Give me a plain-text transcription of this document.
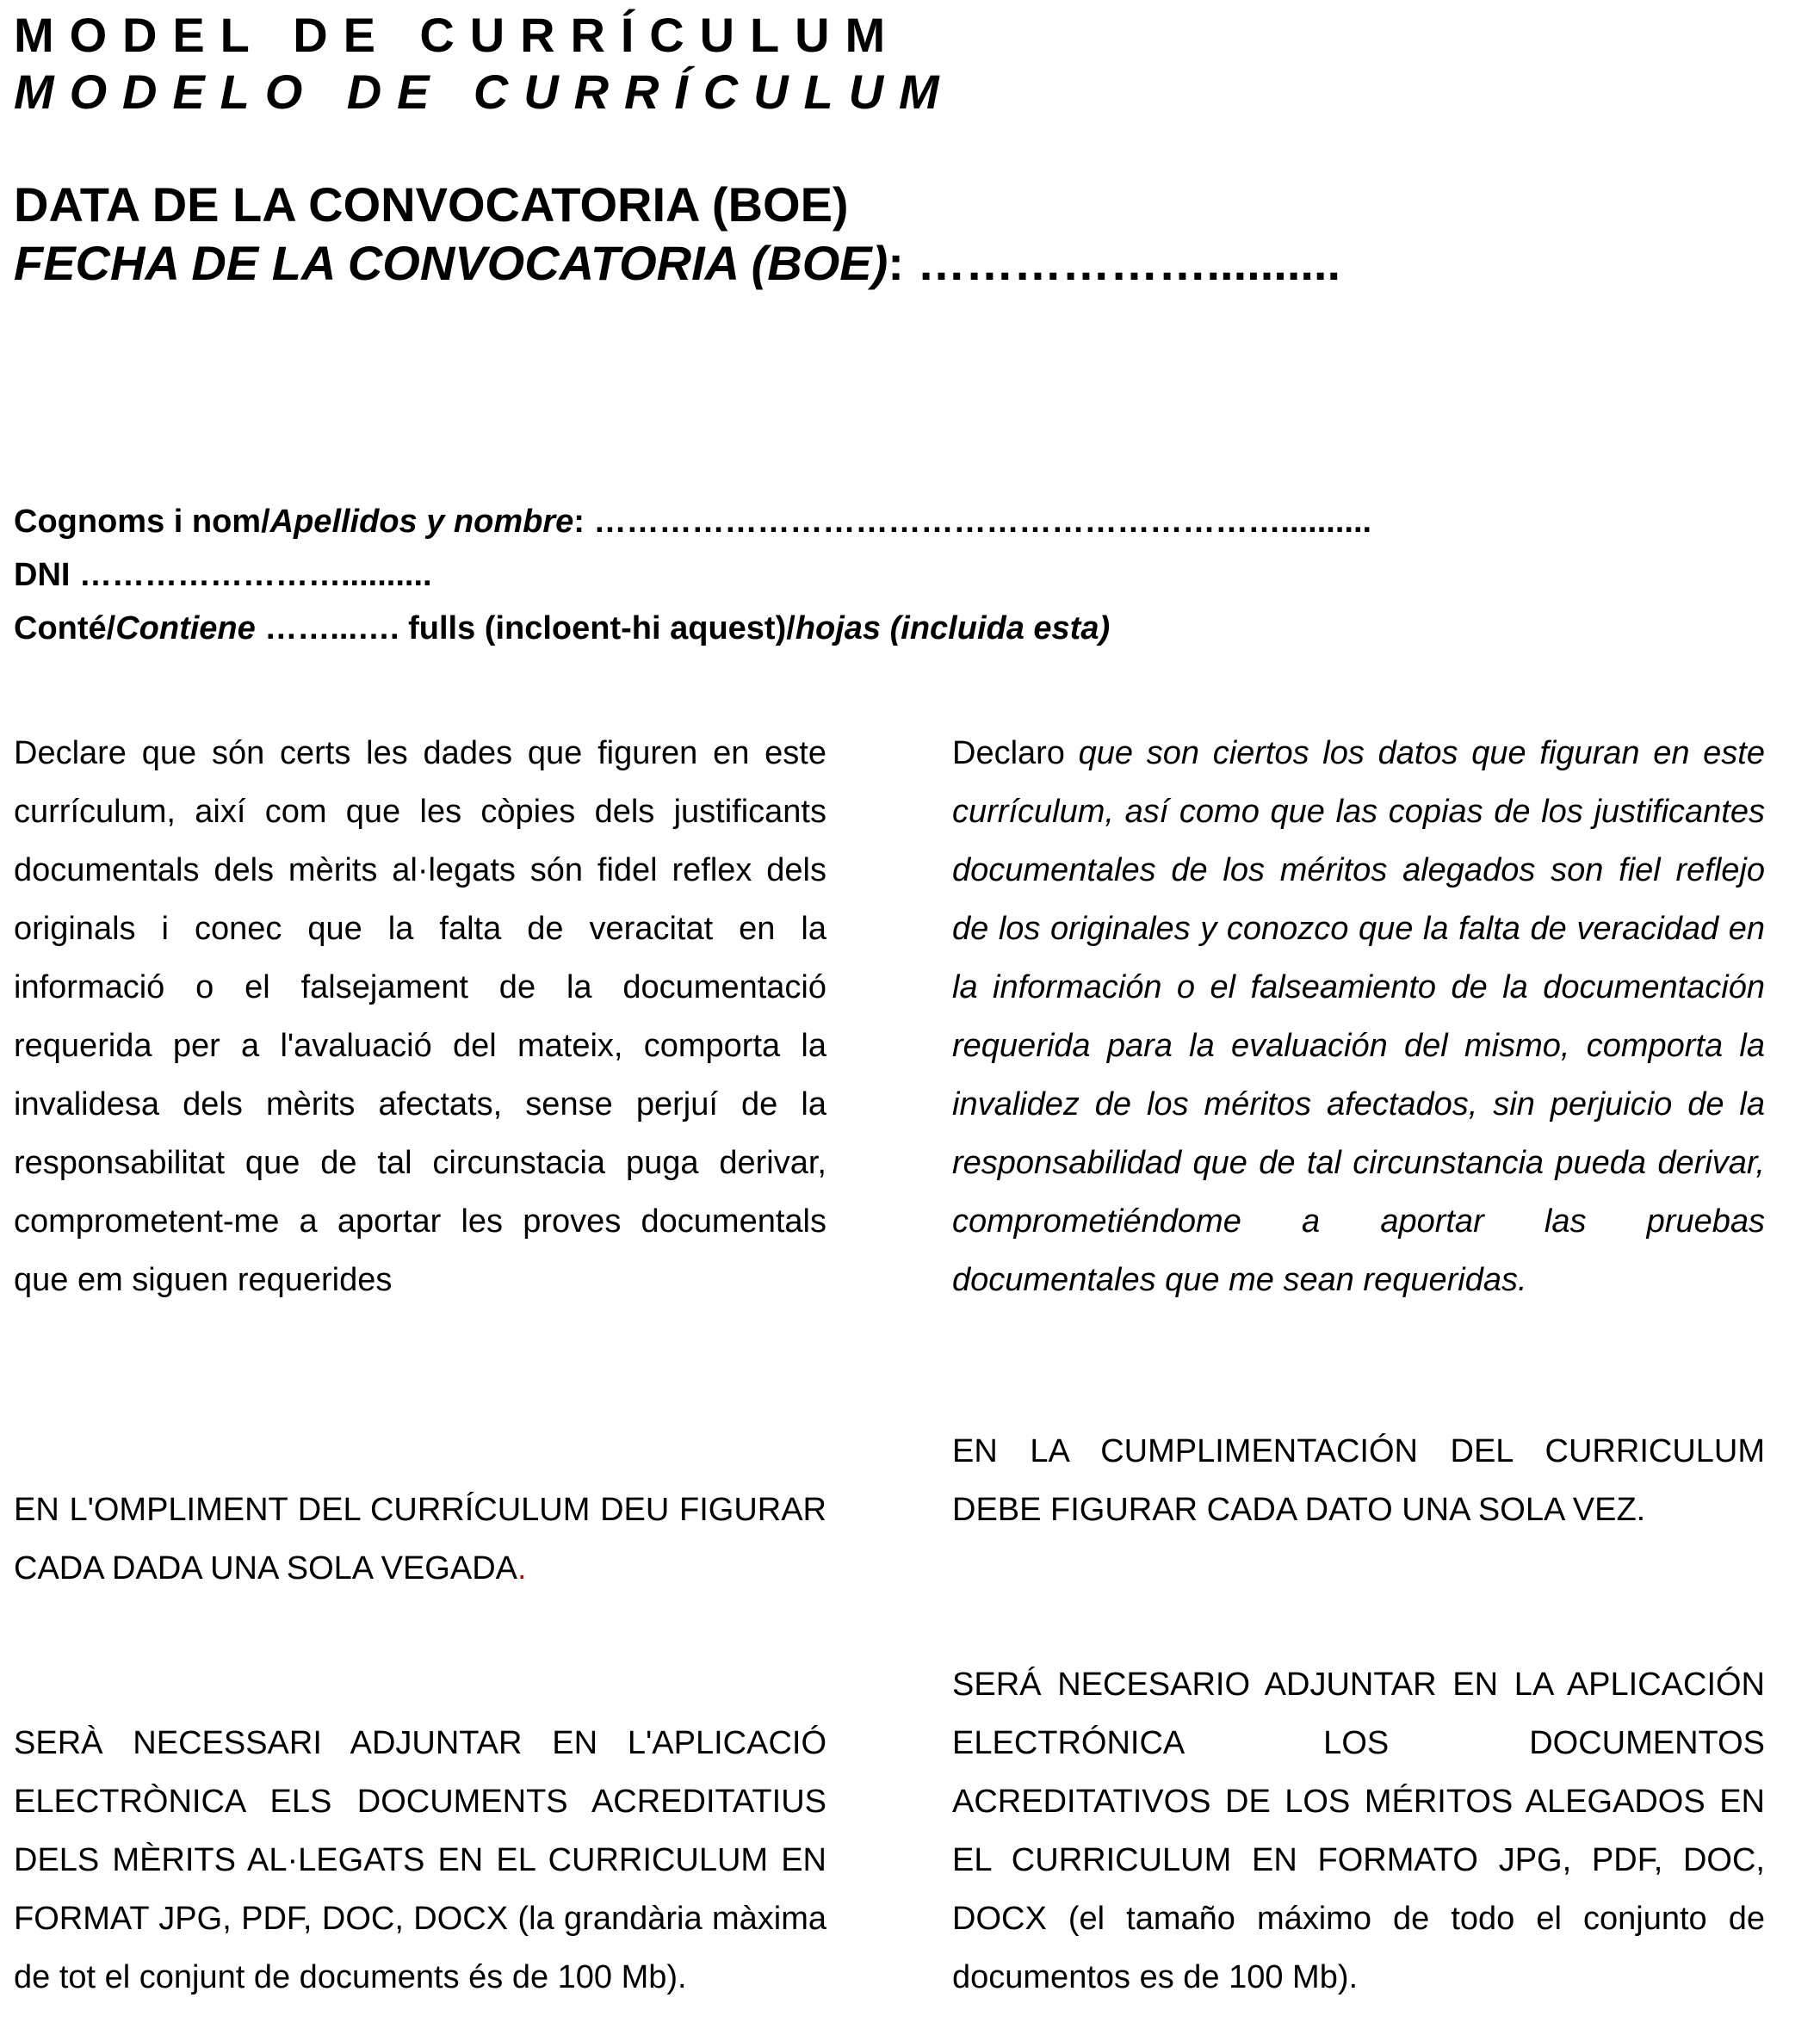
MODEL DE CURRÍCULUM
MODELO DE CURRÍCULUM
DATA DE LA CONVOCATORIA (BOE)
FECHA DE LA CONVOCATORIA (BOE): ………………..........
Cognoms i nom/Apellidos y nombre: ………………………………………………………..........
DNI ……………………..........
Conté/Contiene ……...…. fulls (incloent-hi aquest)/hojas (incluida esta)
Declare que són certs les dades que figuren en este currículum, així com que les còpies dels justificants documentals dels mèrits al·legats són fidel reflex dels originals i conec que la falta de veracitat en la informació o el falsejament de la documentació requerida per a l'avaluació del mateix, comporta la invalidesa dels mèrits afectats, sense perjuí de la responsabilitat que de tal circunstacia puga derivar, comprometent-me a aportar les proves documentals que em siguen requerides
Declaro que son ciertos los datos que figuran en este currículum, así como que las copias de los justificantes documentales de los méritos alegados son fiel reflejo de los originales y conozco que la falta de veracidad en la información o el falseamiento de la documentación requerida para la evaluación del mismo, comporta la invalidez de los méritos afectados, sin perjuicio de la responsabilidad que de tal circunstancia pueda derivar, comprometiéndome a aportar las pruebas documentales que me sean requeridas.
EN L'OMPLIMENT DEL CURRÍCULUM DEU FIGURAR CADA DADA UNA SOLA VEGADA.
EN LA CUMPLIMENTACIÓN DEL CURRICULUM DEBE FIGURAR CADA DATO UNA SOLA VEZ.
SERÀ NECESSARI ADJUNTAR EN L'APLICACIÓ ELECTRÒNICA ELS DOCUMENTS ACREDITATIUS DELS MÈRITS AL·LEGATS EN EL CURRICULUM EN FORMAT JPG, PDF, DOC, DOCX (la grandària màxima de tot el conjunt de documents és de 100 Mb).
SERÁ NECESARIO ADJUNTAR EN LA APLICACIÓN ELECTRÓNICA LOS DOCUMENTOS ACREDITATIVOS DE LOS MÉRITOS ALEGADOS EN EL CURRICULUM EN FORMATO JPG, PDF, DOC, DOCX (el tamaño máximo de todo el conjunto de documentos es de 100 Mb).
